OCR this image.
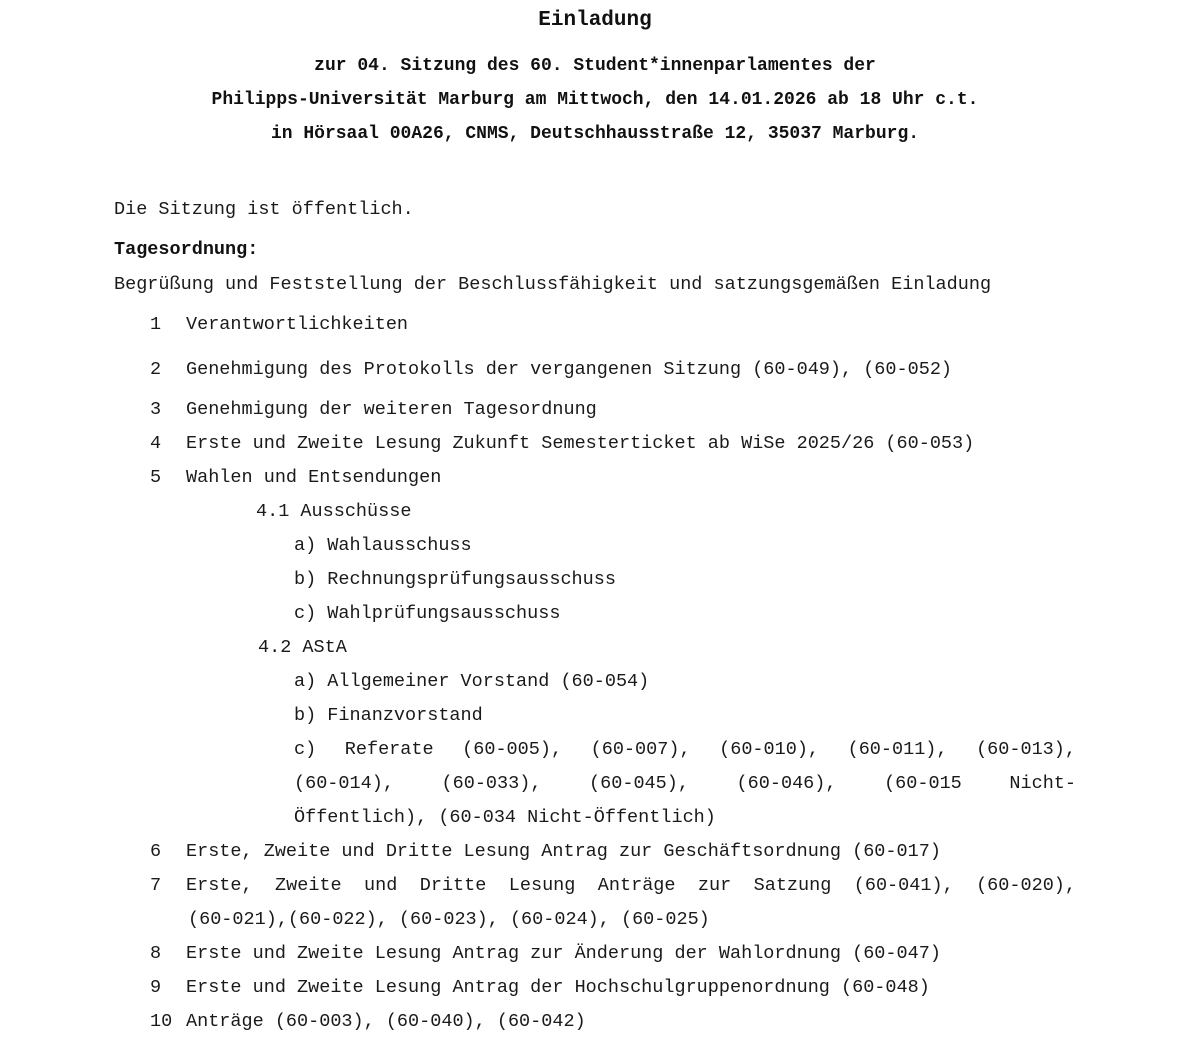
Einladung
zur 04. Sitzung des 60. Student*innenparlamentes der
Philipps-Universität Marburg am Mittwoch, den 14.01.2026 ab 18 Uhr c.t.
in Hörsaal 00A26, CNMS, Deutschhausstraße 12, 35037 Marburg.
Die Sitzung ist öffentlich.
Tagesordnung:
Begrüßung und Feststellung der Beschlussfähigkeit und satzungsgemäßen Einladung
1 Verantwortlichkeiten
2 Genehmigung des Protokolls der vergangenen Sitzung (60-049), (60-052)
3 Genehmigung der weiteren Tagesordnung
4 Erste und Zweite Lesung Zukunft Semesterticket ab WiSe 2025/26 (60-053)
5 Wahlen und Entsendungen
4.1 Ausschüsse
a) Wahlausschuss
b) Rechnungsprüfungsausschuss
c) Wahlprüfungsausschuss
4.2 AStA
a) Allgemeiner Vorstand (60-054)
b) Finanzvorstand
c) Referate (60-005), (60-007), (60-010), (60-011), (60-013),
(60-014), (60-033), (60-045), (60-046), (60-015 Nicht-
Öffentlich), (60-034 Nicht-Öffentlich)
6 Erste, Zweite und Dritte Lesung Antrag zur Geschäftsordnung (60-017)
7 Erste, Zweite und Dritte Lesung Anträge zur Satzung (60-041), (60-020),
(60-021),(60-022), (60-023), (60-024), (60-025)
8 Erste und Zweite Lesung Antrag zur Änderung der Wahlordnung (60-047)
9 Erste und Zweite Lesung Antrag der Hochschulgruppenordnung (60-048)
10 Anträge (60-003), (60-040), (60-042)
